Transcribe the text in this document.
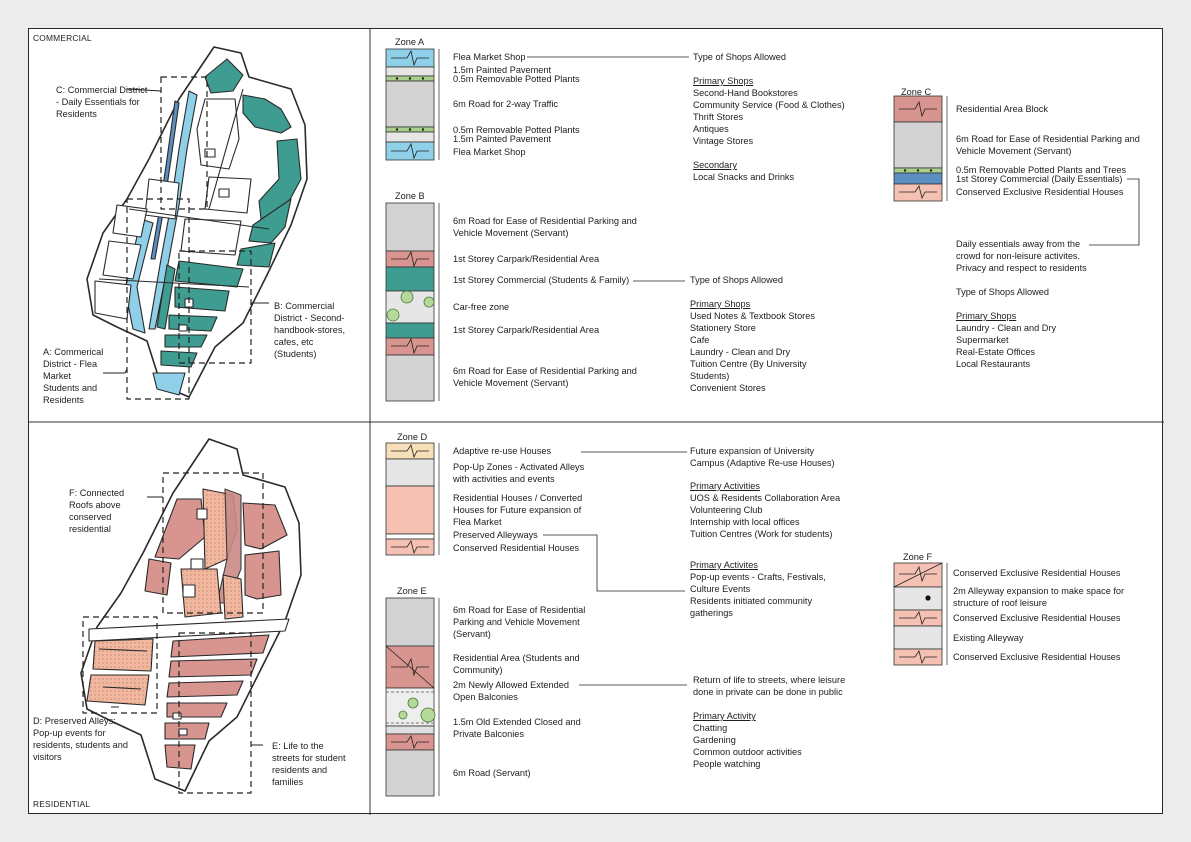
COMMERCIAL
RESIDENTIAL
C: Commercial District - Daily Essentials for Residents
B: Commercial District - Second-handbook-stores, cafes, etc (Students)
A: Commerical District - Flea Market Students and Residents
F: Connected Roofs above conserved residential
D: Preserved Alleys: Pop-up events for residents, students and visitors
E: Life to the streets for student residents and families
Zone A
Flea Market Shop
1.5m Painted Pavement
0.5m Removable Potted Plants
6m Road for 2-way Traffic
0.5m Removable Potted Plants
1.5m Painted Pavement
Flea Market Shop
Type of Shops Allowed
Primary Shops
Second-Hand Bookstores
Community Service (Food & Clothes)
Thrift Stores
Antiques
Vintage Stores
Secondary
Local Snacks and Drinks
Zone B
6m Road for Ease of Residential Parking and Vehicle Movement (Servant)
1st Storey Carpark/Residential Area
1st Storey Commercial (Students & Family)
Car-free zone
1st Storey Carpark/Residential Area
6m Road for Ease of Residential Parking and Vehicle Movement (Servant)
Type of Shops Allowed
Primary Shops
Used Notes & Textbook Stores
Stationery Store
Cafe
Laundry - Clean and Dry
Tuition Centre (By University Students)
Convenient Stores
Zone C
Residential Area Block
6m Road for Ease of Residential Parking and Vehicle Movement (Servant)
0.5m Removable Potted Plants and Trees
1st Storey Commercial (Daily Essentials)
Conserved Exclusive Residential Houses
Daily essentials away from the crowd for non-leisure activites. Privacy and respect to residents
Type of Shops Allowed
Primary Shops
Laundry - Clean and Dry
Supermarket
Real-Estate Offices
Local Restaurants
Zone D
Adaptive re-use Houses
Pop-Up Zones - Activated Alleys with activities and events
Residential Houses / Converted Houses for Future expansion of Flea Market
Preserved Alleyways
Conserved Residential Houses
Future expansion of University Campus (Adaptive Re-use Houses)
Primary Activities
UOS & Residents Collaboration Area
Volunteering Club
Internship with local offices
Tuition Centres (Work for students)
Primary Activites
Pop-up events - Crafts, Festivals, Culture Events
Residents initiated community gatherings
Zone E
6m Road for Ease of Residential Parking and Vehicle Movement (Servant)
Residential Area (Students and Community)
2m Newly Allowed Extended Open Balconies
1.5m Old Extended Closed and Private Balconies
6m Road (Servant)
Return of life to streets, where leisure done in private can be done in public
Primary Activity
Chatting
Gardening
Common outdoor activities
People watching
Zone F
Conserved Exclusive Residential Houses
2m Alleyway expansion to make space for structure of roof leisure
Conserved Exclusive Residential Houses
Existing Alleyway
Conserved Exclusive Residential Houses
